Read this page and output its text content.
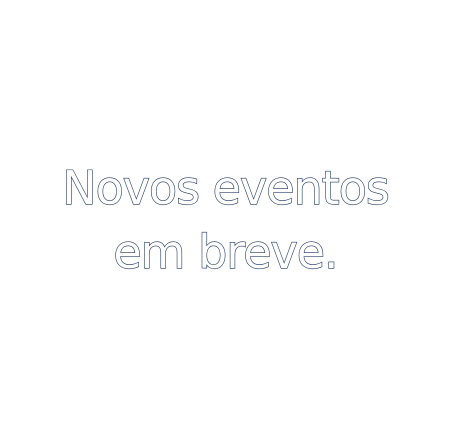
Novos eventos
em breve.
